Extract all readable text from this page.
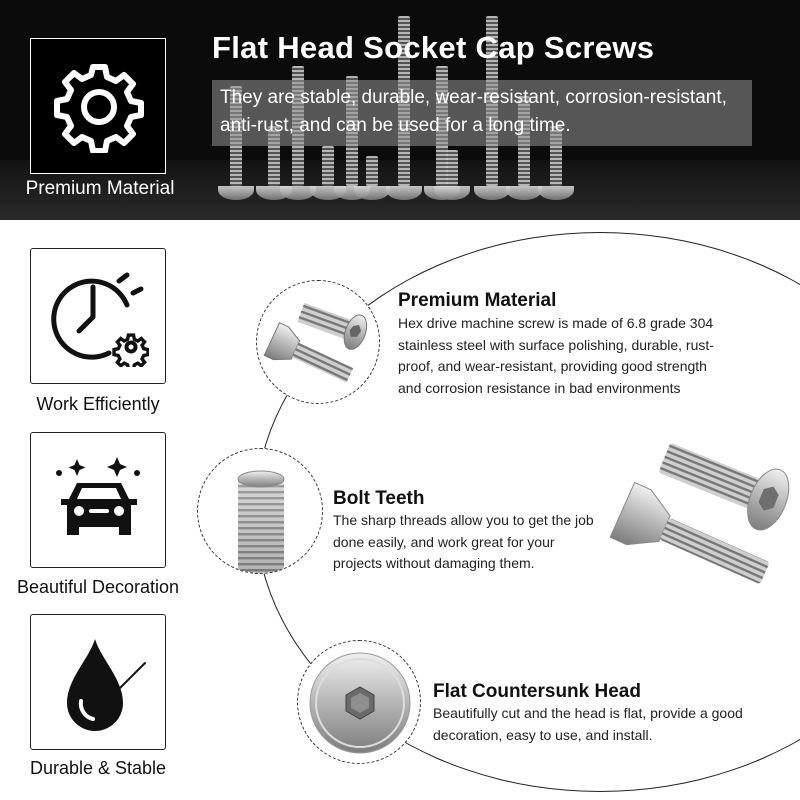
Premium Material
Flat Head Socket Cap Screws
They are stable, durable, wear-resistant, corrosion-resistant, anti-rust, and can be used for a long time.
Work Efficiently
Beautiful Decoration
Durable & Stable
Premium Material
Hex drive machine screw is made of 6.8 grade 304 stainless steel with surface polishing, durable, rust-proof, and wear-resistant, providing good strength and corrosion resistance in bad environments
Bolt Teeth
The sharp threads allow you to get the job done easily, and work great for your projects without damaging them.
Flat Countersunk Head
Beautifully cut and the head is flat, provide a good decoration, easy to use, and install.
